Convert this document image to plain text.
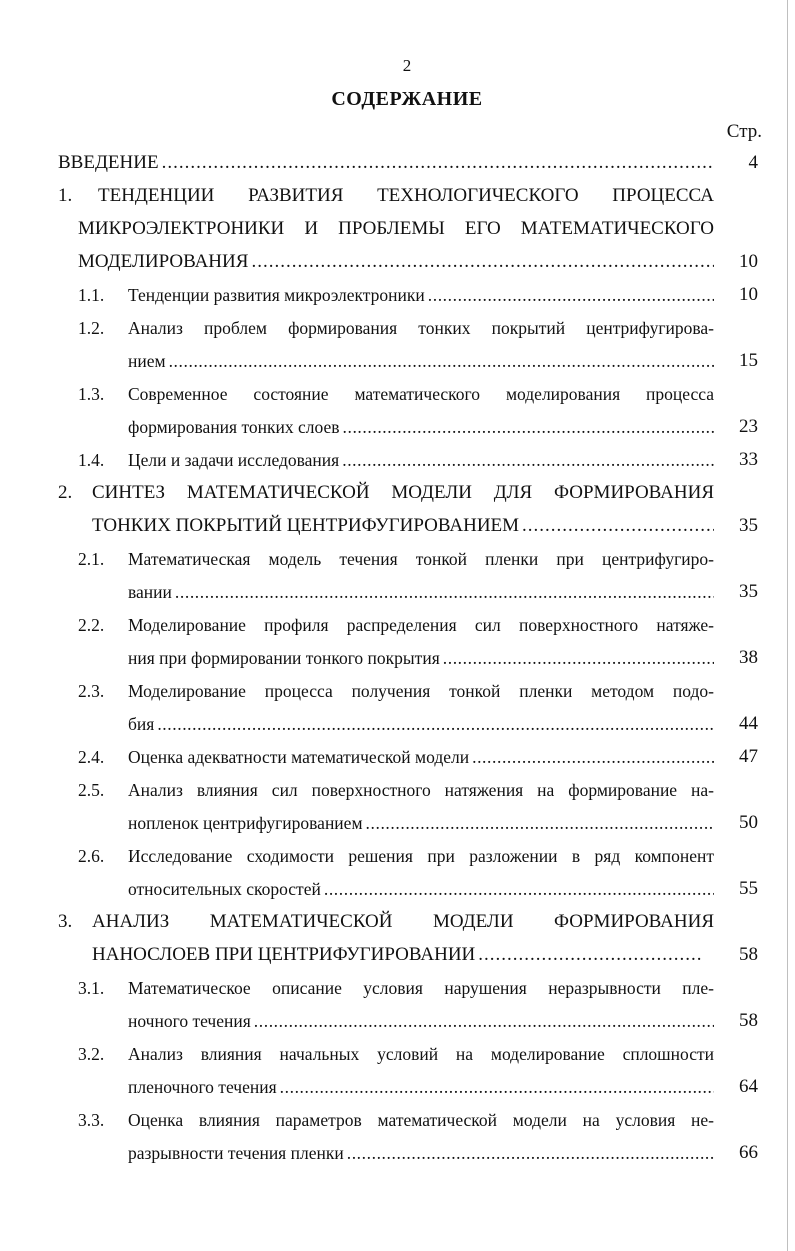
2
СОДЕРЖАНИЕ
Стр.
ВВЕДЕНИЕ .....	4
1. ТЕНДЕНЦИИ РАЗВИТИЯ ТЕХНОЛОГИЧЕСКОГО ПРОЦЕССА
МИКРОЭЛЕКТРОНИКИ И ПРОБЛЕМЫ ЕГО МАТЕМАТИЧЕСКОГО
МОДЕЛИРОВАНИЯ .....	10
1.1. Тенденции развития микроэлектроники .....	10
1.2. Анализ проблем формирования тонких покрытий центрифугирова-
нием .....	15
1.3. Современное состояние математического моделирования процесса
формирования тонких слоев .....	23
1.4. Цели и задачи исследования .....	33
2. СИНТЕЗ МАТЕМАТИЧЕСКОЙ МОДЕЛИ ДЛЯ ФОРМИРОВАНИЯ
ТОНКИХ ПОКРЫТИЙ ЦЕНТРИФУГИРОВАНИЕМ .....	35
2.1. Математическая модель течения тонкой пленки при центрифугиро-
вании .....	35
2.2. Моделирование профиля распределения сил поверхностного натяже-
ния при формировании тонкого покрытия .....	38
2.3. Моделирование процесса получения тонкой пленки методом подо-
бия .....	44
2.4. Оценка адекватности математической модели .....	47
2.5. Анализ влияния сил поверхностного натяжения на формирование на-
нопленок центрифугированием .....	50
2.6. Исследование сходимости решения при разложении в ряд компонент
относительных скоростей .....	55
3. АНАЛИЗ МАТЕМАТИЧЕСКОЙ МОДЕЛИ ФОРМИРОВАНИЯ
НАНОСЛОЕВ ПРИ ЦЕНТРИФУГИРОВАНИИ .....	58
3.1. Математическое описание условия нарушения неразрывности пле-
ночного течения .....	58
3.2. Анализ влияния начальных условий на моделирование сплошности
пленочного течения .....	64
3.3. Оценка влияния параметров математической модели на условия не-
разрывности течения пленки .....	66
